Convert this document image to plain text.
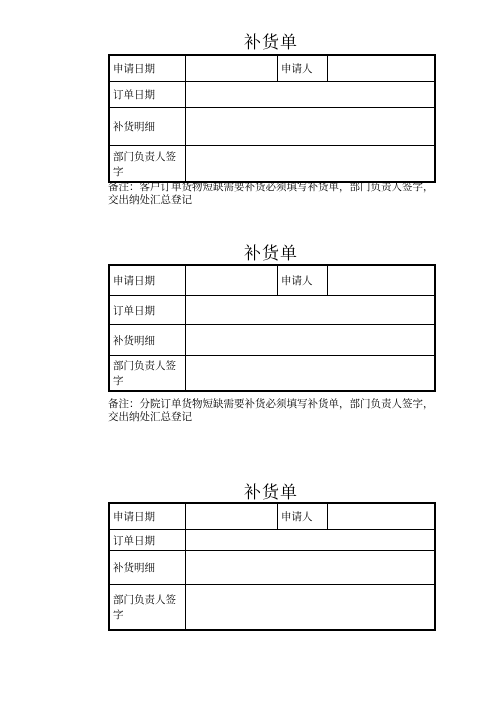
补货单
申请日期	申请人
订单日期
补货明细
部门负责人签字
备注：客户订单货物短缺需要补货必须填写补货单，部门负责人签字，交出纳处汇总登记
补货单
申请日期	申请人
订单日期
补货明细
部门负责人签字
备注：分院订单货物短缺需要补货必须填写补货单，部门负责人签字，交出纳处汇总登记
补货单
申请日期	申请人
订单日期
补货明细
部门负责人签字
